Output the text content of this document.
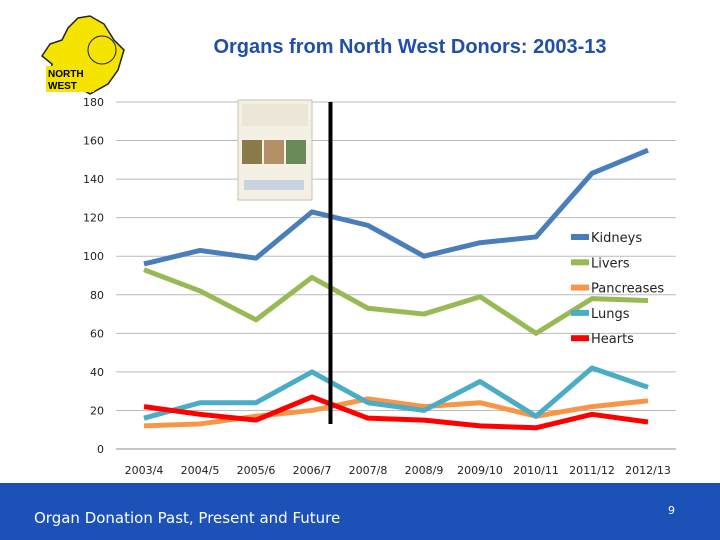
NORTH
WEST
Organs from North West Donors: 2003-13
0
20
40
60
80
100
120
140
160
180
2003/4 2004/5 2005/6 2006/7 2007/8 2008/9 2009/10 2010/11 2011/12 2012/13
Kidneys
Livers
Pancreases
Lungs
Hearts
Organ Donation Past, Present and Future	9
